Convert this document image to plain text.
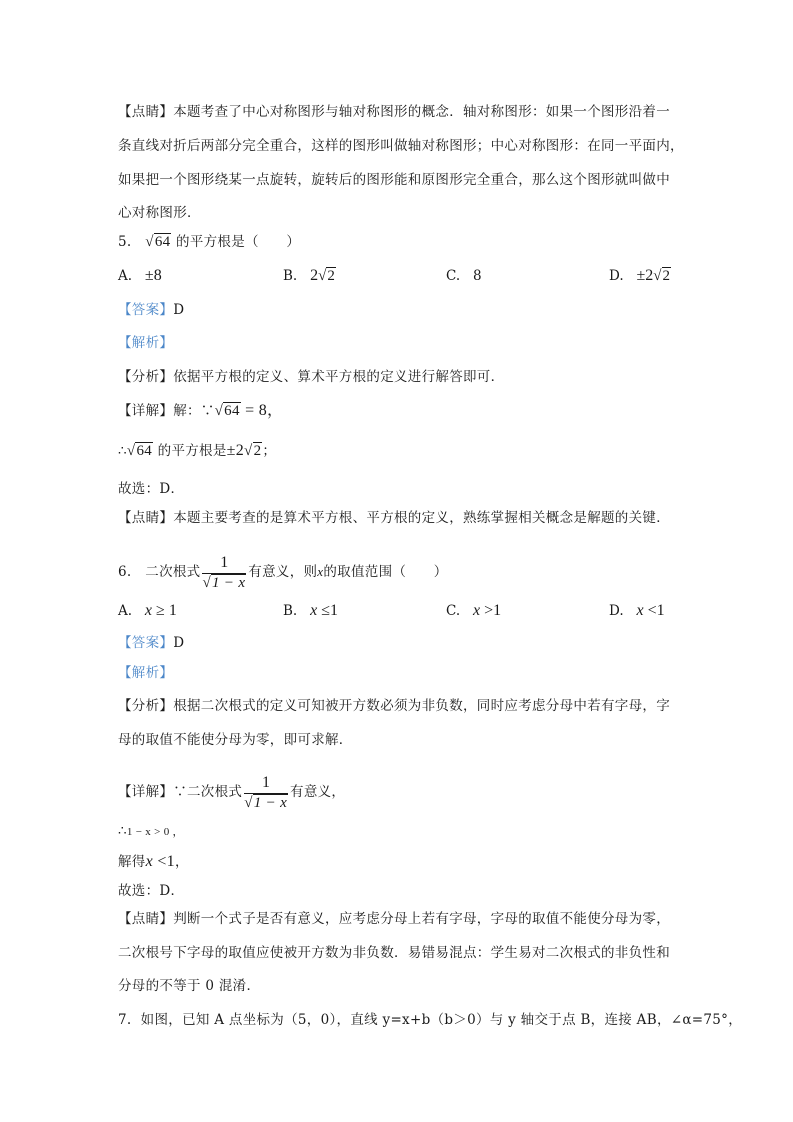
【点睛】本题考查了中心对称图形与轴对称图形的概念．轴对称图形：如果一个图形沿着一
条直线对折后两部分完全重合，这样的图形叫做轴对称图形；中心对称图形：在同一平面内，
如果把一个图形绕某一点旋转，旋转后的图形能和原图形完全重合，那么这个图形就叫做中
心对称图形．
5. √64 的平方根是（　　）
A. ±8	B. 2√2	C. 8	D. ±2√2
【答案】D
【解析】
【分析】依据平方根的定义、算术平方根的定义进行解答即可．
【详解】解：∵√64 = 8，
∴√64 的平方根是±2√2；
故选：D．
【点睛】本题主要考查的是算术平方根、平方根的定义，熟练掌握相关概念是解题的关键．
6. 二次根式 $\frac{1}{√1 - x}$ 有意义，则x的取值范围（　　）
A. x ≥ 1	B. x ≤1	C. x >1	D. x <1
【答案】D
【解析】
【分析】根据二次根式的定义可知被开方数必须为非负数，同时应考虑分母中若有字母，字
母的取值不能使分母为零，即可求解．
【详解】∵二次根式 $\frac{1}{√1 - x}$ 有意义，
∴1 − x > 0 ，
解得x <1，
故选：D．
【点睛】判断一个式子是否有意义，应考虑分母上若有字母，字母的取值不能使分母为零，
二次根号下字母的取值应使被开方数为非负数．易错易混点：学生易对二次根式的非负性和
分母的不等于 0 混淆．
7. 如图，已知 A 点坐标为（5，0），直线 y=x+b（b＞0）与 y 轴交于点 B，连接 AB，∠α=75°，
